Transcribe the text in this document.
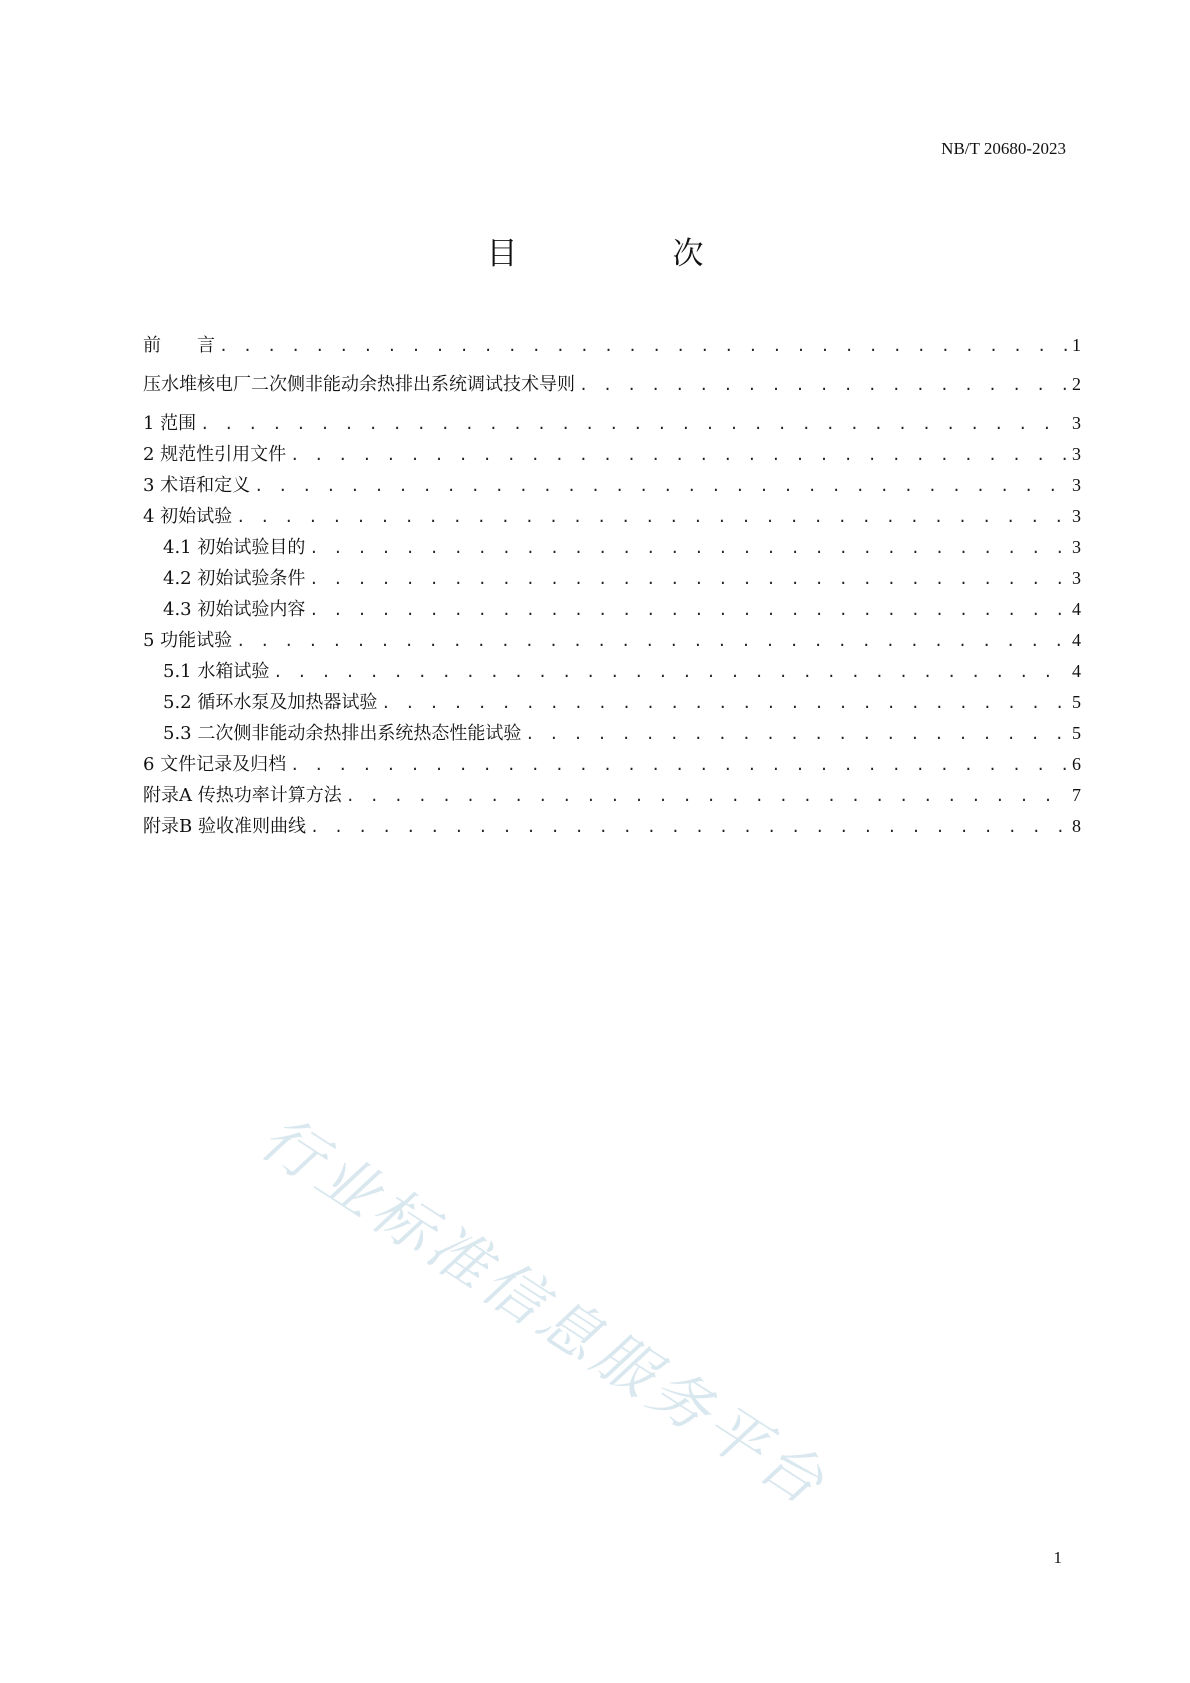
NB/T 20680-2023
目　次
前　　言 . . .	1
压水堆核电厂二次侧非能动余热排出系统调试技术导则 . . .	2
1 范围 . . .	3
2 规范性引用文件 . . .	3
3 术语和定义 . . .	3
4 初始试验 . . .	3
4.1 初始试验目的 . . .	3
4.2 初始试验条件 . . .	3
4.3 初始试验内容 . . .	4
5 功能试验 . . .	4
5.1 水箱试验 . . .	4
5.2 循环水泵及加热器试验 . . .	5
5.3 二次侧非能动余热排出系统热态性能试验 . . .	5
6 文件记录及归档 . . .	6
附录A 传热功率计算方法 . . .	7
附录B 验收准则曲线 . . .	8
行业标准信息服务平台
1
